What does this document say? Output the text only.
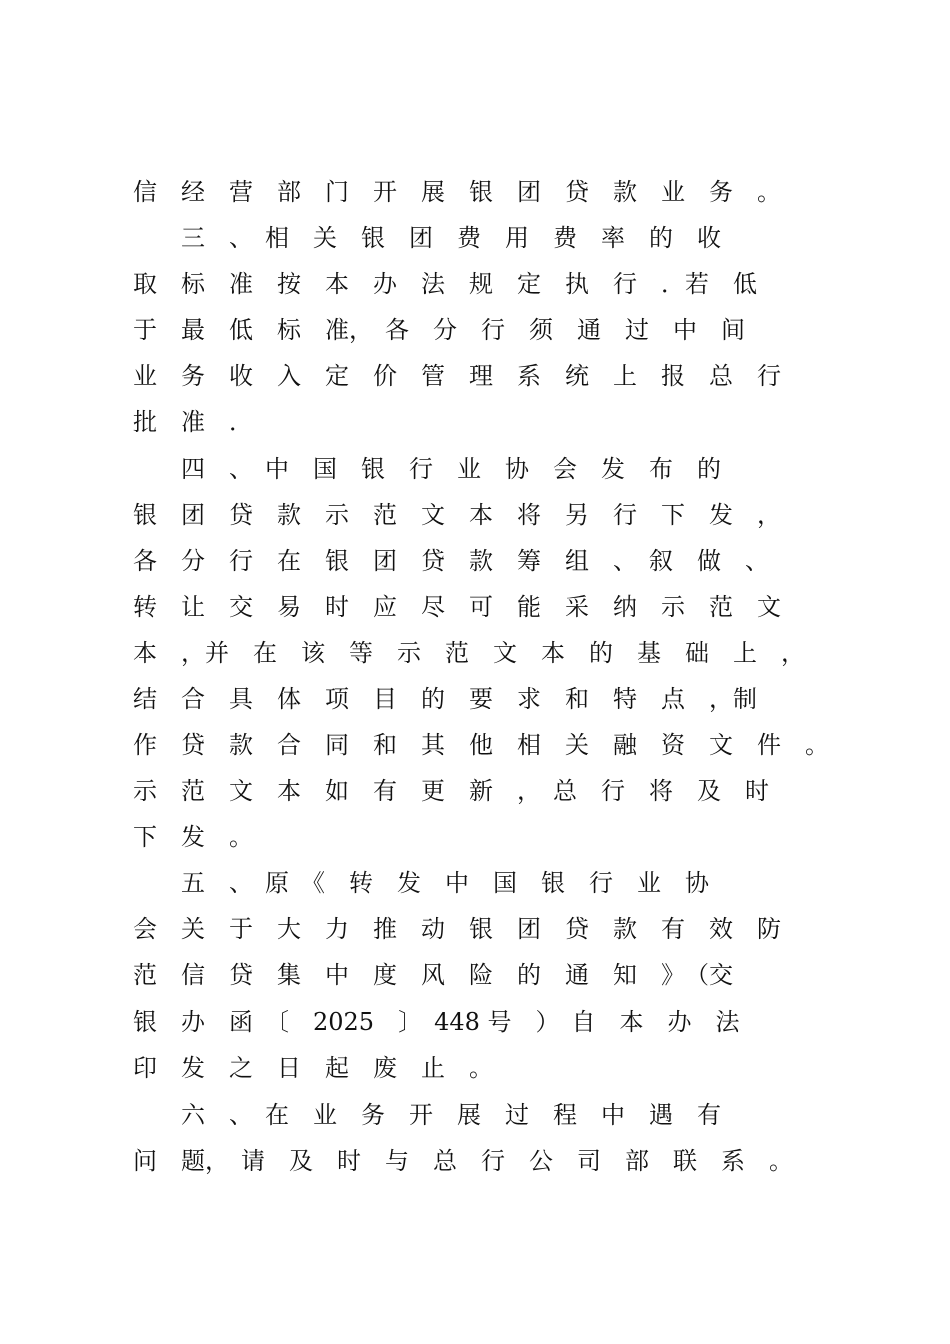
信　经　营　部　门　开　展　银　团　贷　款　业　务　。
　　三　、　相　关　银　团　费　用　费　率　的　收
取　标　准　按　本　办　法　规　定　执　行　．若　低
于　最　低　标　准，　各　分　行　须　通　过　中　间
业　务　收　入　定　价　管　理　系　统　上　报　总　行
批　准　．
　　四　、　中　国　银　行　业　协　会　发　布　的
银　团　贷　款　示　范　文　本　将　另　行　下　发　，
各　分　行　在　银　团　贷　款　筹　组　、　叙　做　、
转　让　交　易　时　应　尽　可　能　采　纳　示　范　文
本　，并　在　该　等　示　范　文　本　的　基　础　上　，
结　合　具　体　项　目　的　要　求　和　特　点　，制
作　贷　款　合　同　和　其　他　相　关　融　资　文　件　。
示　范　文　本　如　有　更　新　，　总　行　将　及　时
下　发　。
　　五　、　原　《　转　发　中　国　银　行　业　协
会　关　于　大　力　推　动　银　团　贷　款　有　效　防
范　信　贷　集　中　度　风　险　的　通　知　》　（交
银　办　函　〔　2025　〕　448 号　）　自　本　办　法
印　发　之　日　起　废　止　。
　　六　、　在　业　务　开　展　过　程　中　遇　有
问　题，　请　及　时　与　总　行　公　司　部　联　系　。
